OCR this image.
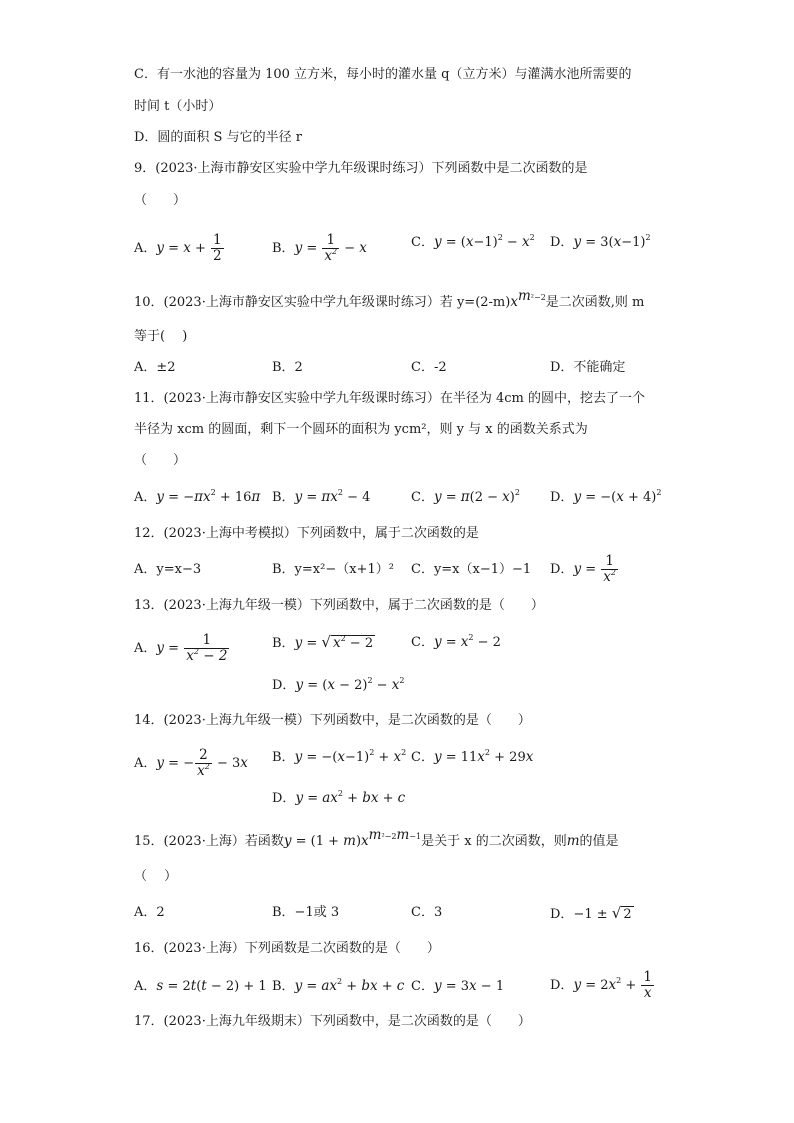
C．有一水池的容量为 100 立方米，每小时的灌水量 q（立方米）与灌满水池所需要的
时间 t（小时）
D．圆的面积 S 与它的半径 r
9．(2023·上海市静安区实验中学九年级课时练习）下列函数中是二次函数的是
（　　）
A．$y = x + \frac{1}{2}$	B．$y = \frac{1}{x^2} - x$	C．$y = (x-1)^2 - x^2$ D．$y = 3(x-1)^2$
10．(2023·上海市静安区实验中学九年级课时练习）若 $y=(2-m)x^{m^2-2}$是二次函数,则 m
等于(　 )
A．±2	B．2	C．-2	D．不能确定
11．(2023·上海市静安区实验中学九年级课时练习）在半径为 4cm 的圆中，挖去了一个
半径为 xcm 的圆面，剩下一个圆环的面积为 ycm²，则 y 与 x 的函数关系式为
（　　）
A．$y = -\pi x^2 + 16\pi$ B．$y = \pi x^2 - 4$	C．$y = \pi(2 - x)^2$ D．$y = -(x + 4)^2$
12．(2023·上海中考模拟）下列函数中，属于二次函数的是
A．y=x−3	B．y=x²−（x+1）² C．y=x（x−1）−1 D．$y = \frac{1}{x^2}$
13．(2023·上海九年级一模）下列函数中，属于二次函数的是（　　）
A．$y = \frac{1}{x^2 - 2}$	B．y = √ $x^2 - 2$	C．$y = x^2 - 2$
D．$y = (x - 2)^2 - x^2$
14．(2023·上海九年级一模）下列函数中，是二次函数的是（　　）
A．y = − $\frac{2}{x^2} - 3x$ B．$y = -(x-1)^2 + x^2$ C．$y = 11x^2 + 29x$
D．$y = ax^2$ + bx + c
15．(2023·上海）若函数$y = (1 + m)x^{m^2-2m-1}$是关于 x 的二次函数，则m的值是
（　 ）
A．2	B．−1或 3	C．3	D．−1 ± √ 2
16．(2023·上海）下列函数是二次函数的是（　　）
A．s = 2t(t − 2) + 1 B．$y = ax^2$ + bx + c C．y = 3x − 1	D．$y = 2x^2 + \frac{1}{x}$
17．(2023·上海九年级期末）下列函数中，是二次函数的是（　　）
